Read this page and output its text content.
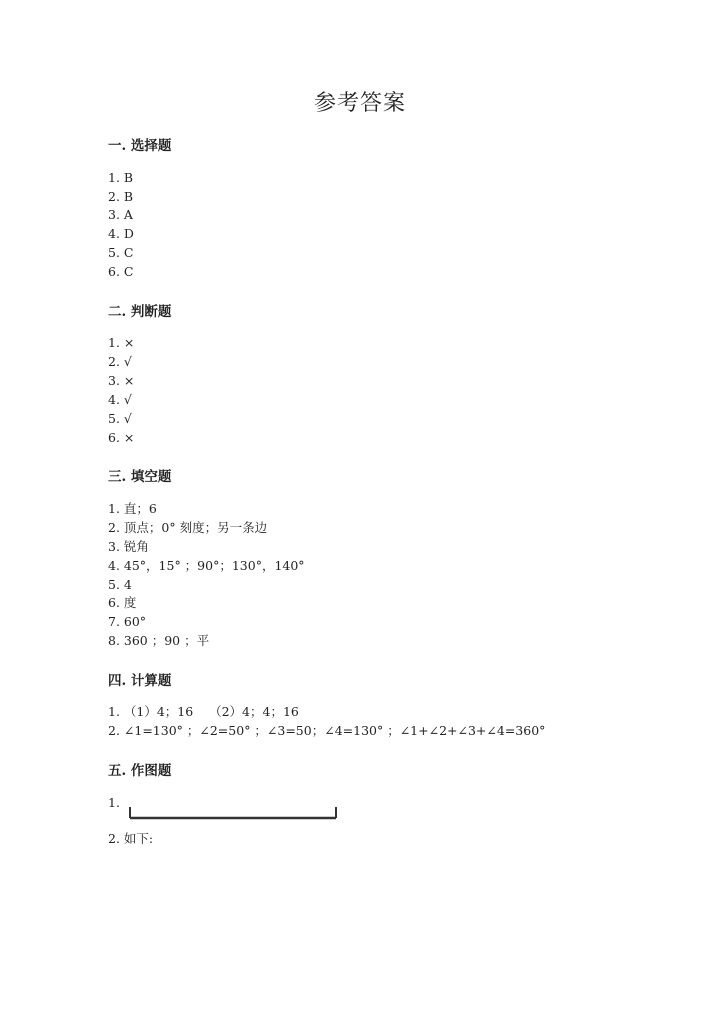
参考答案
一. 选择题
1. B
2. B
3. A
4. D
5. C
6. C
二. 判断题
1. ×
2. √
3. ×
4. √
5. √
6. ×
三. 填空题
1. 直；6
2. 顶点；0° 刻度；另一条边
3. 锐角
4. 45°，15° ；90°；130°，140°
5. 4
6. 度
7. 60°
8. 360 ；90 ；平
四. 计算题
1. （1）4；16    （2）4；4；16
2. ∠1=130° ；∠2=50° ；∠3=50；∠4=130° ；∠1+∠2+∠3+∠4=360°
五. 作图题
1.
2. 如下:
